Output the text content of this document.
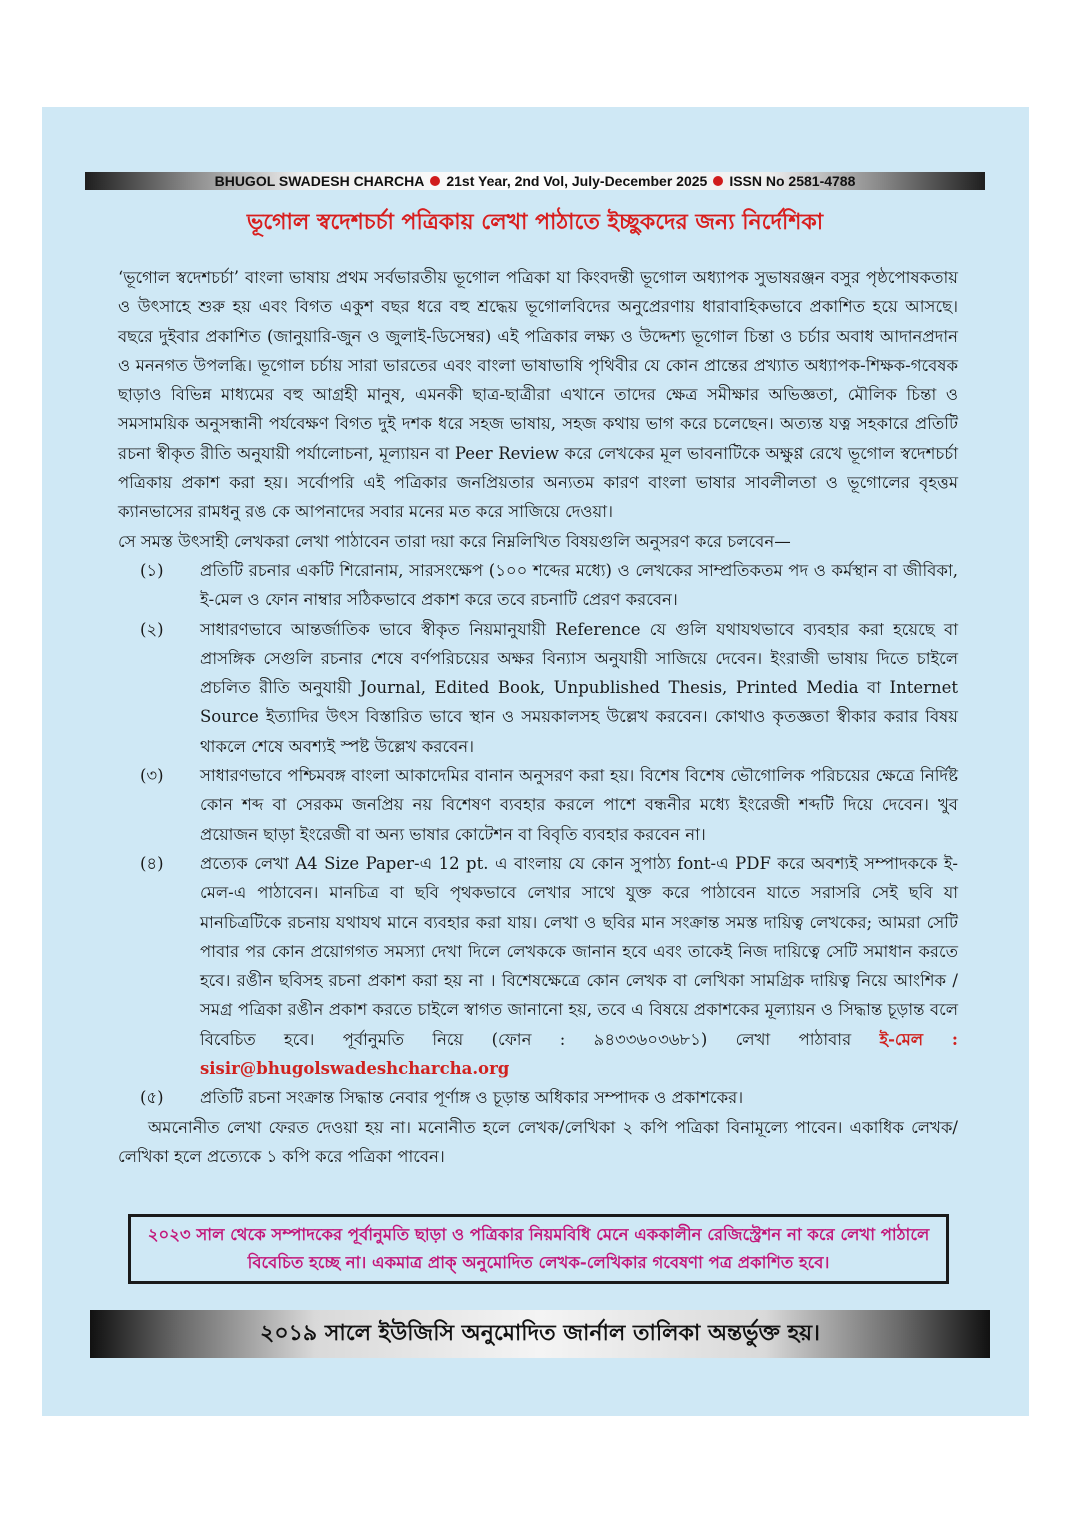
BHUGOL SWADESH CHARCHA 21st Year, 2nd Vol, July-December 2025 ISSN No 2581-4788
ভূগোল স্বদেশচর্চা পত্রিকায় লেখা পাঠাতে ইচ্ছুকদের জন্য নির্দেশিকা

‘ভূগোল স্বদেশচর্চা’ বাংলা ভাষায় প্রথম সর্বভারতীয় ভূগোল পত্রিকা যা কিংবদন্তী ভূগোল অধ্যাপক সুভাষরঞ্জন বসুর পৃষ্ঠপোষকতায় ও উৎসাহে শুরু হয় এবং বিগত একুশ বছর ধরে বহু শ্রদ্ধেয় ভূগোলবিদের অনুপ্রেরণায় ধারাবাহিকভাবে প্রকাশিত হয়ে আসছে। বছরে দুইবার প্রকাশিত (জানুয়ারি-জুন ও জুলাই-ডিসেম্বর) এই পত্রিকার লক্ষ্য ও উদ্দেশ্য ভূগোল চিন্তা ও চর্চার অবাধ আদানপ্রদান ও মননগত উপলব্ধি। ভূগোল চর্চায় সারা ভারতের এবং বাংলা ভাষাভাষি পৃথিবীর যে কোন প্রান্তের প্রখ্যাত অধ্যাপক-শিক্ষক-গবেষক ছাড়াও বিভিন্ন মাধ্যমের বহু আগ্রহী মানুষ, এমনকী ছাত্র-ছাত্রীরা এখানে তাদের ক্ষেত্র সমীক্ষার অভিজ্ঞতা, মৌলিক চিন্তা ও সমসাময়িক অনুসন্ধানী পর্যবেক্ষণ বিগত দুই দশক ধরে সহজ ভাষায়, সহজ কথায় ভাগ করে চলেছেন। অত্যন্ত যত্ন সহকারে প্রতিটি রচনা স্বীকৃত রীতি অনুযায়ী পর্যালোচনা, মূল্যায়ন বা Peer Review করে লেখকের মূল ভাবনাটিকে অক্ষুণ্ণ রেখে ভূগোল স্বদেশচর্চা পত্রিকায় প্রকাশ করা হয়। সর্বোপরি এই পত্রিকার জনপ্রিয়তার অন্যতম কারণ বাংলা ভাষার সাবলীলতা ও ভূগোলের বৃহত্তম ক্যানভাসের রামধনু রঙ কে আপনাদের সবার মনের মত করে সাজিয়ে দেওয়া।

সে সমস্ত উৎসাহী লেখকরা লেখা পাঠাবেন তারা দয়া করে নিম্নলিখিত বিষয়গুলি অনুসরণ করে চলবেন—

(১)	প্রতিটি রচনার একটি শিরোনাম, সারসংক্ষেপ (১০০ শব্দের মধ্যে) ও লেখকের সাম্প্রতিকতম পদ ও কর্মস্থান বা জীবিকা, ই-মেল ও ফোন নাম্বার সঠিকভাবে প্রকাশ করে তবে রচনাটি প্রেরণ করবেন।
(২)	সাধারণভাবে আন্তর্জাতিক ভাবে স্বীকৃত নিয়মানুযায়ী Reference যে গুলি যথাযথভাবে ব্যবহার করা হয়েছে বা প্রাসঙ্গিক সেগুলি রচনার শেষে বর্ণপরিচয়ের অক্ষর বিন্যাস অনুযায়ী সাজিয়ে দেবেন। ইংরাজী ভাষায় দিতে চাইলে প্রচলিত রীতি অনুযায়ী Journal, Edited Book, Unpublished Thesis, Printed Media বা Internet Source ইত্যাদির উৎস বিস্তারিত ভাবে স্থান ও সময়কালসহ উল্লেখ করবেন। কোথাও কৃতজ্ঞতা স্বীকার করার বিষয় থাকলে শেষে অবশ্যই স্পষ্ট উল্লেখ করবেন।
(৩)	সাধারণভাবে পশ্চিমবঙ্গ বাংলা আকাদেমির বানান অনুসরণ করা হয়। বিশেষ বিশেষ ভৌগোলিক পরিচয়ের ক্ষেত্রে নির্দিষ্ট কোন শব্দ বা সেরকম জনপ্রিয় নয় বিশেষণ ব্যবহার করলে পাশে বন্ধনীর মধ্যে ইংরেজী শব্দটি দিয়ে দেবেন। খুব প্রয়োজন ছাড়া ইংরেজী বা অন্য ভাষার কোটেশন বা বিবৃতি ব্যবহার করবেন না।
(৪)	প্রত্যেক লেখা A4 Size Paper-এ 12 pt. এ বাংলায় যে কোন সুপাঠ্য font-এ PDF করে অবশ্যই সম্পাদককে ই-মেল-এ পাঠাবেন। মানচিত্র বা ছবি পৃথকভাবে লেখার সাথে যুক্ত করে পাঠাবেন যাতে সরাসরি সেই ছবি যা মানচিত্রটিকে রচনায় যথাযথ মানে ব্যবহার করা যায়। লেখা ও ছবির মান সংক্রান্ত সমস্ত দায়িত্ব লেখকের; আমরা সেটি পাবার পর কোন প্রয়োগগত সমস্যা দেখা দিলে লেখককে জানান হবে এবং তাকেই নিজ দায়িত্বে সেটি সমাধান করতে হবে। রঙীন ছবিসহ রচনা প্রকাশ করা হয় না । বিশেষক্ষেত্রে কোন লেখক বা লেখিকা সামগ্রিক দায়িত্ব নিয়ে আংশিক /সমগ্র পত্রিকা রঙীন প্রকাশ করতে চাইলে স্বাগত জানানো হয়, তবে এ বিষয়ে প্রকাশকের মূল্যায়ন ও সিদ্ধান্ত চূড়ান্ত বলে বিবেচিত হবে। পূর্বানুমতি নিয়ে (ফোন : ৯৪৩৩৬০৩৬৮১) লেখা পাঠাবার ই-মেল : sisir@bhugolswadeshcharcha.org
(৫)	প্রতিটি রচনা সংক্রান্ত সিদ্ধান্ত নেবার পূর্ণাঙ্গ ও চূড়ান্ত অধিকার সম্পাদক ও প্রকাশকের।

অমনোনীত লেখা ফেরত দেওয়া হয় না। মনোনীত হলে লেখক/লেখিকা ২ কপি পত্রিকা বিনামূল্যে পাবেন। একাধিক লেখক/লেখিকা হলে প্রত্যেকে ১ কপি করে পত্রিকা পাবেন।

২০২৩ সাল থেকে সম্পাদকের পূর্বানুমতি ছাড়া ও পত্রিকার নিয়মবিধি মেনে এককালীন রেজিস্ট্রেশন না করে লেখা পাঠালে বিবেচিত হচ্ছে না। একমাত্র প্রাক্ অনুমোদিত লেখক-লেখিকার গবেষণা পত্র প্রকাশিত হবে।
২০১৯ সালে ইউজিসি অনুমোদিত জার্নাল তালিকা অন্তর্ভুক্ত হয়।
